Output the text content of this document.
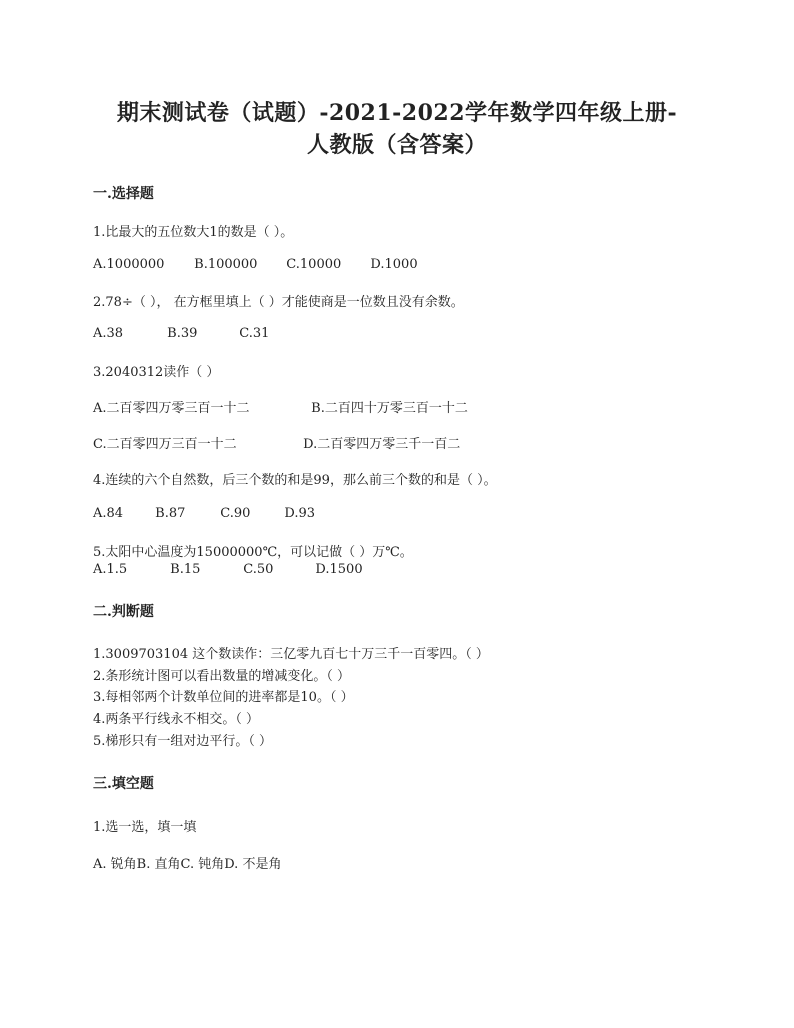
期末测试卷（试题）-2021-2022学年数学四年级上册-
人教版（含答案）
一.选择题
1.比最大的五位数大1的数是（ ）。
A.1000000 B.100000 C.10000 D.1000
2.78÷（ ）， 在方框里填上（ ）才能使商是一位数且没有余数。
A.38	B.39	C.31
3.2040312读作（ ）
A.二百零四万零三百一十二	B.二百四十万零三百一十二
C.二百零四万三百一十二	D.二百零四万零三千一百二
4.连续的六个自然数，后三个数的和是99，那么前三个数的和是（ ）。
A.84 B.87	C.90	D.93
5.太阳中心温度为15000000℃，可以记做（ ）万℃。
A.1.5	B.15	C.50	D.1500
二.判断题
1.3009703104 这个数读作：三亿零九百七十万三千一百零四。（ ）
2.条形统计图可以看出数量的增减变化。（ ）
3.每相邻两个计数单位间的进率都是10。（ ）
4.两条平行线永不相交。（ ）
5.梯形只有一组对边平行。（ ）
三.填空题
1.选一选，填一填
A. 锐角B. 直角C. 钝角D. 不是角
